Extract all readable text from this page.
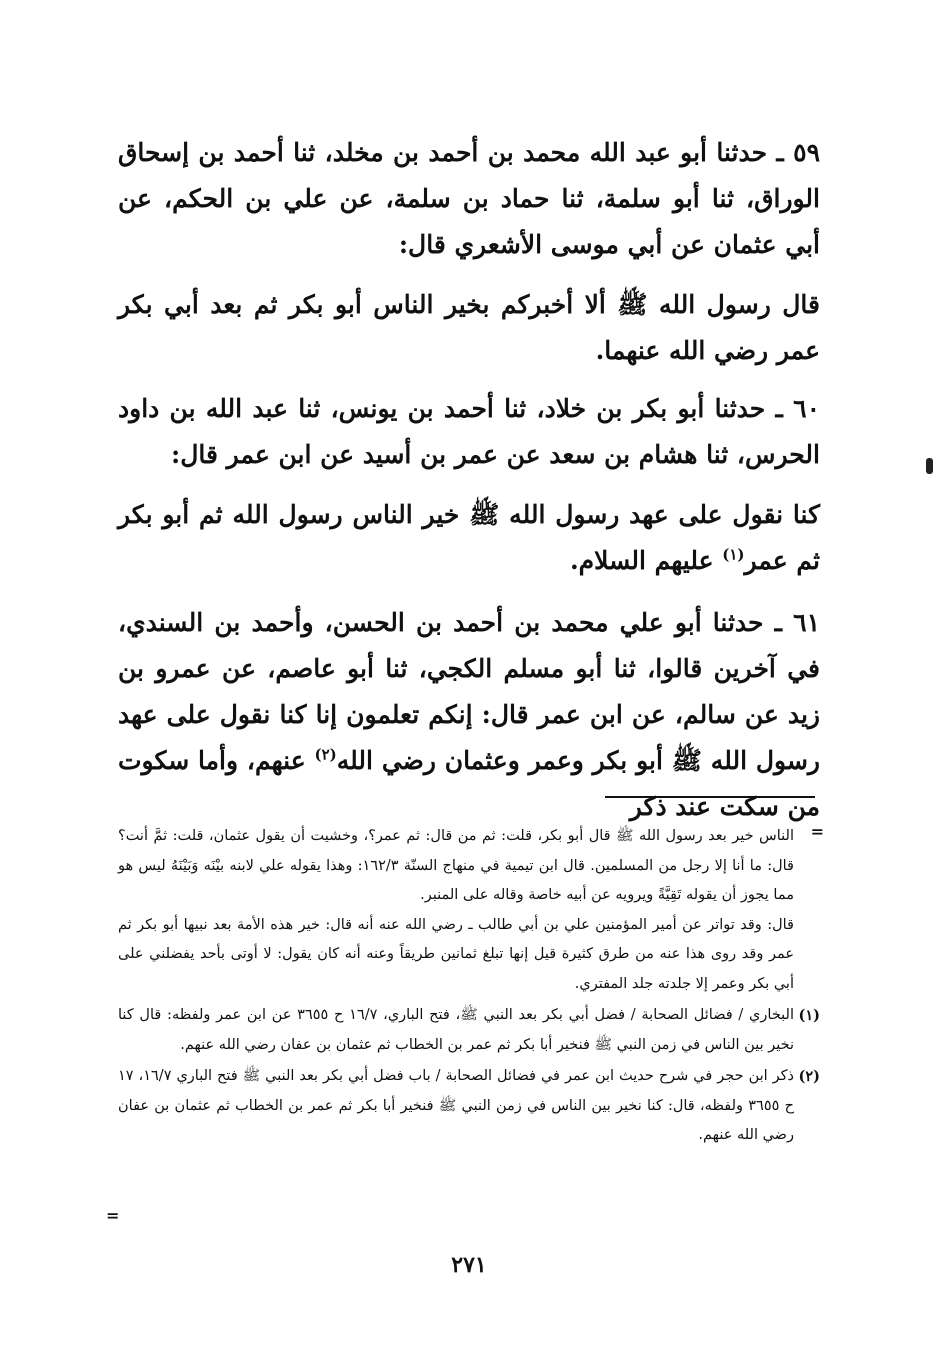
٥٩ ـ حدثنا أبو عبد الله محمد بن أحمد بن مخلد، ثنا أحمد بن إسحاق الوراق، ثنا أبو سلمة، ثنا حماد بن سلمة، عن علي بن الحكم، عن أبي عثمان عن أبي موسى الأشعري قال:

قال رسول الله ﷺ ألا أخبركم بخير الناس أبو بكر ثم بعد أبي بكر عمر رضي الله عنهما.

٦٠ ـ حدثنا أبو بكر بن خلاد، ثنا أحمد بن يونس، ثنا عبد الله بن داود الحرس، ثنا هشام بن سعد عن عمر بن أسيد عن ابن عمر قال:

كنا نقول على عهد رسول الله ﷺ خير الناس رسول الله ثم أبو بكر ثم عمر$^{(١)}$ عليهم السلام.

٦١ ـ حدثنا أبو علي محمد بن أحمد بن الحسن، وأحمد بن السندي، في آخرين قالوا، ثنا أبو مسلم الكجي، ثنا أبو عاصم، عن عمرو بن زيد عن سالم، عن ابن عمر قال: إنكم تعلمون إنا كنا نقول على عهد رسول الله ﷺ أبو بكر وعمر وعثمان رضي الله$^{(٢)}$ عنهم، وأما سكوت من سكت عند ذكر

=

الناس خير بعد رسول الله ﷺ قال أبو بكر، قلت: ثم من قال: ثم عمر؟، وخشيت أن يقول عثمان، قلت: ثمَّ أنت؟ قال: ما أنا إلا رجل من المسلمين. قال ابن تيمية في منهاج السنّة ١٦٢/٣: وهذا يقوله علي لابنه بيْنَه وَبَيْنَهُ ليس هو مما يجوز أن يقوله تَقِيَّةً ويرويه عن أبيه خاصة وقاله على المنبر.

قال: وقد تواتر عن أمير المؤمنين علي بن أبي طالب ـ رضي الله عنه أنه قال: خير هذه الأمة بعد نبيها أبو بكر ثم عمر وقد روى هذا عنه من طرق كثيرة قيل إنها تبلغ ثمانين طريقاً وعنه أنه كان يقول: لا أوتى بأحد يفضلني على أبي بكر وعمر إلا جلدته جلد المفتري.

(١)
البخاري / فضائل الصحابة / فضل أبي بكر بعد النبي ﷺ، فتح الباري، ١٦/٧ ح ٣٦٥٥ عن ابن عمر ولفظه: قال كنا نخير بين الناس في زمن النبي ﷺ فنخير أبا بكر ثم عمر بن الخطاب ثم عثمان بن عفان رضي الله عنهم.

(٢)
ذكر ابن حجر في شرح حديث ابن عمر في فضائل الصحابة / باب فضل أبي بكر بعد النبي ﷺ فتح الباري ١٦/٧، ١٧ ح ٣٦٥٥ ولفظه، قال: كنا نخير بين الناس في زمن النبي ﷺ فنخير أبا بكر ثم عمر بن الخطاب ثم عثمان بن عفان رضي الله عنهم.

=
٢٧١
